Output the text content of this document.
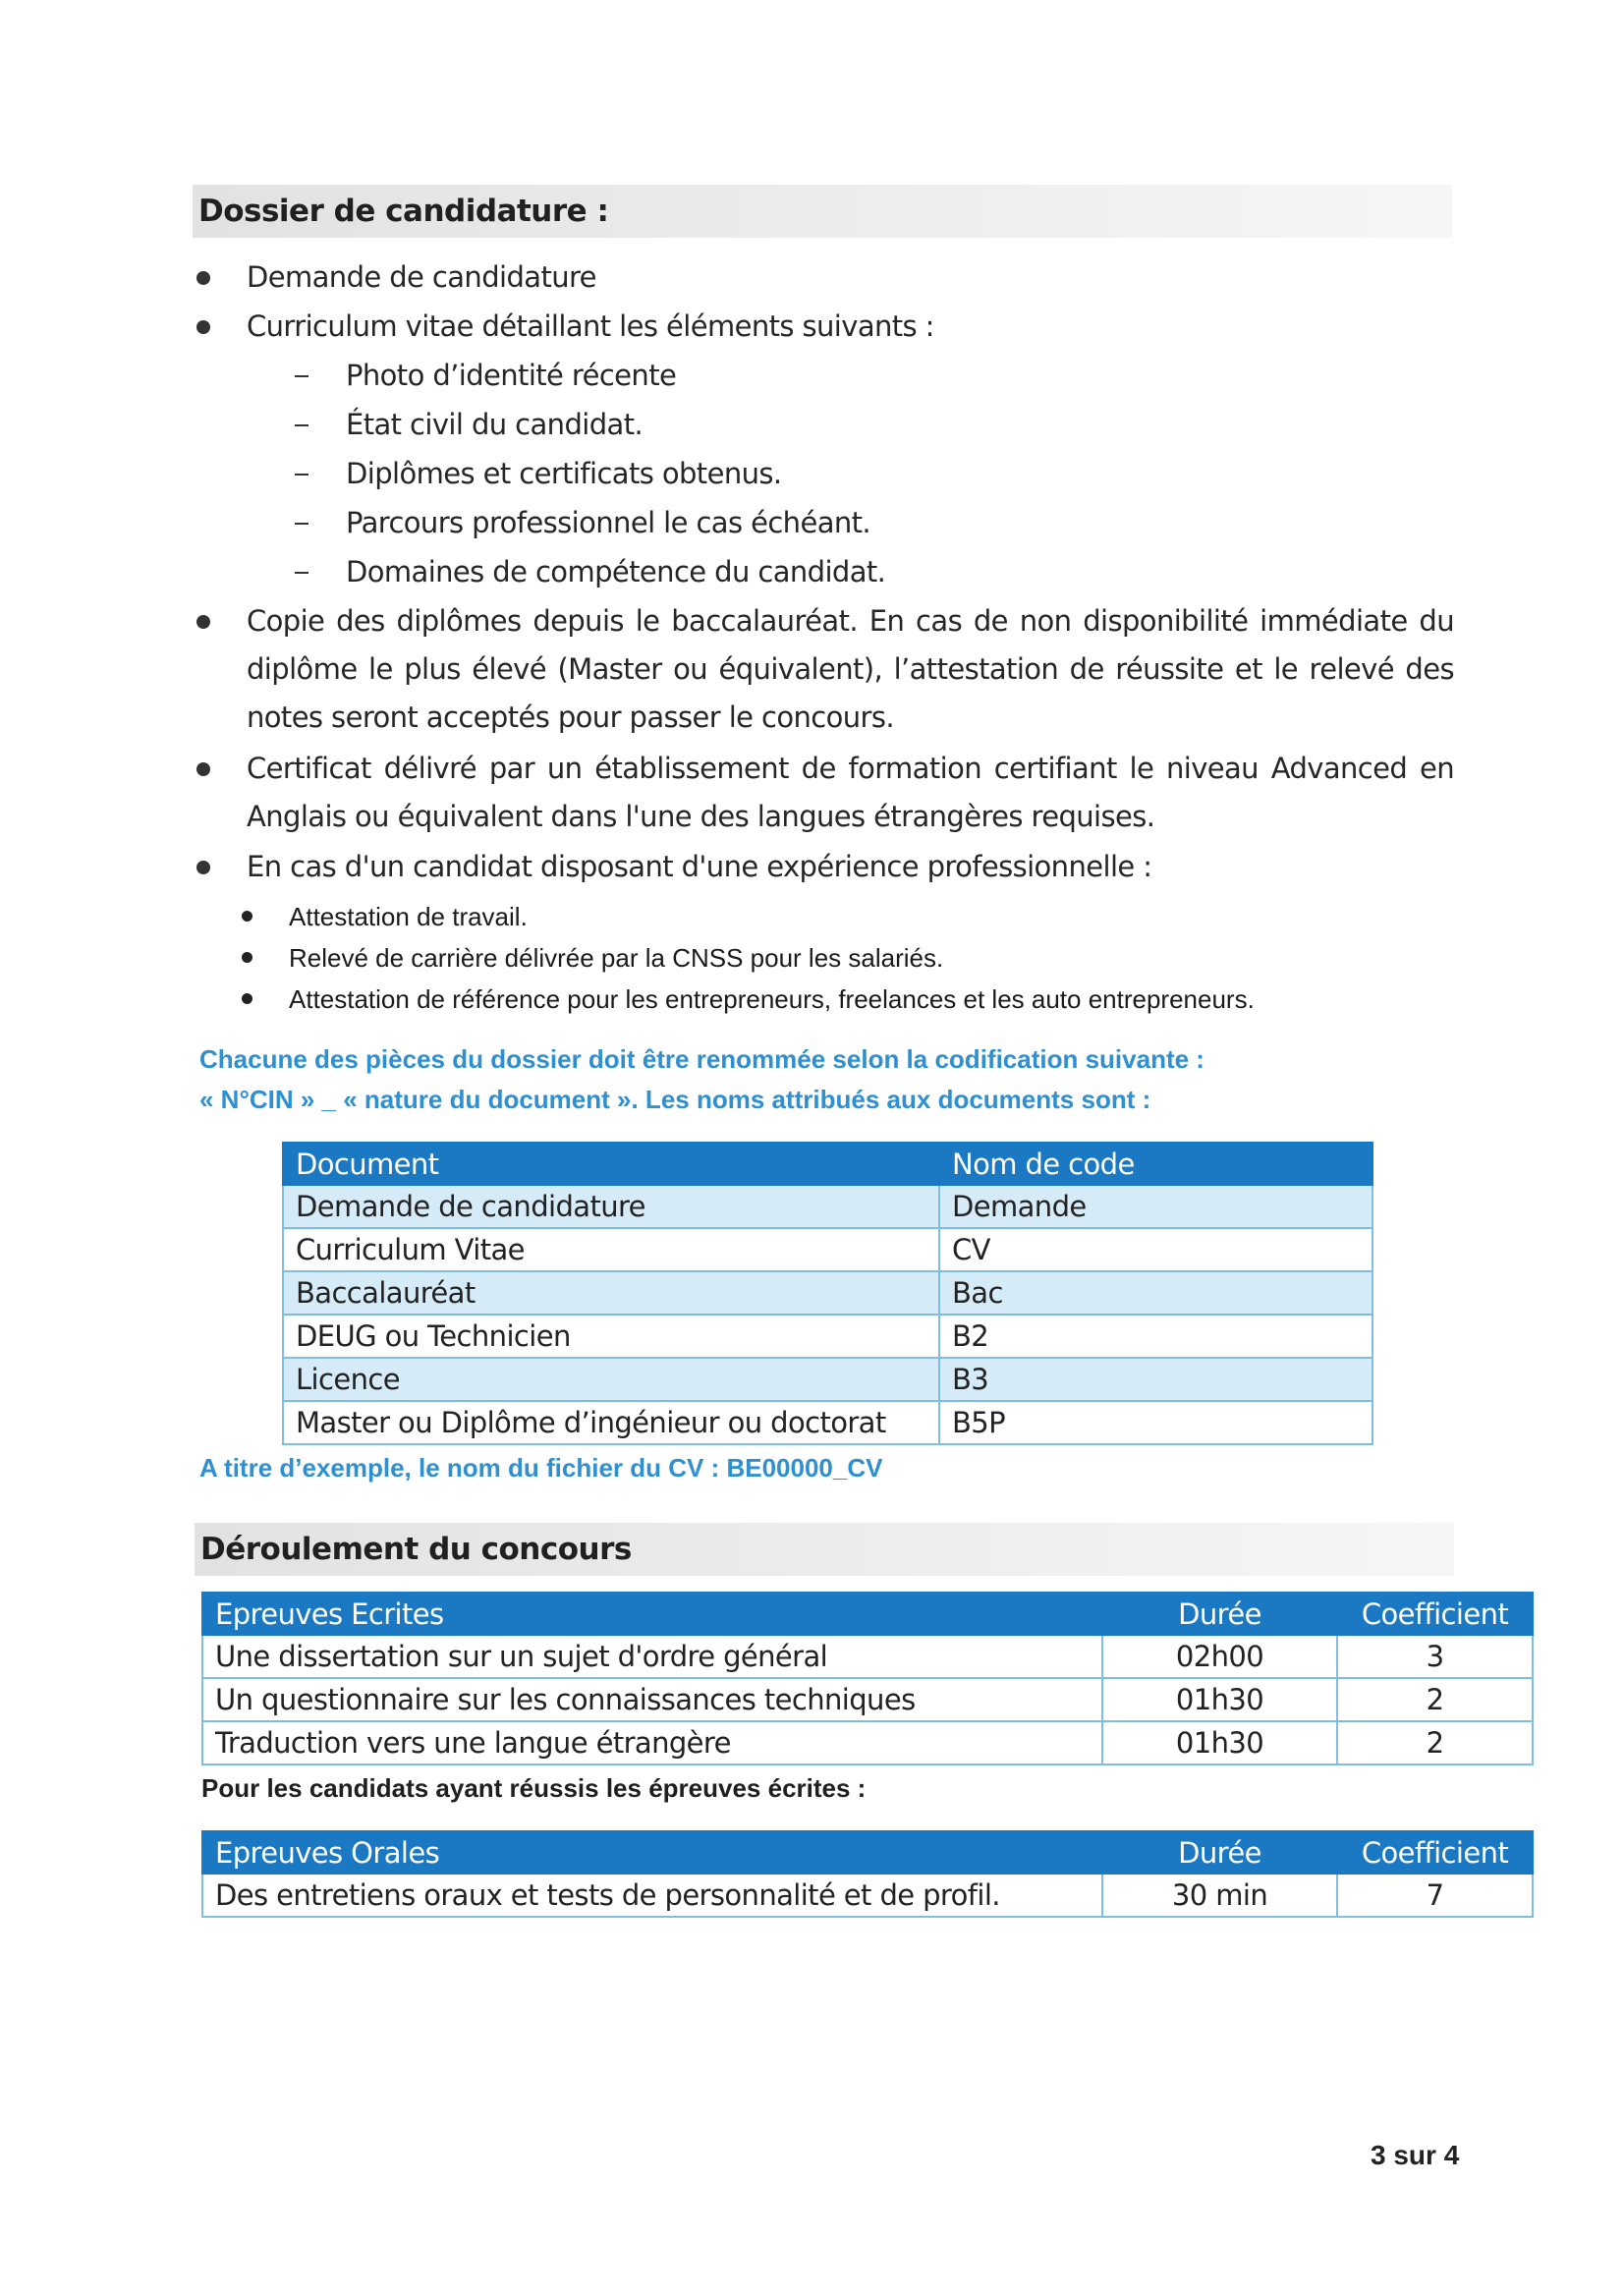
Dossier de candidature :
Demande de candidature
Curriculum vitae détaillant les éléments suivants :
Photo d’identité récente
État civil du candidat.
Diplômes et certificats obtenus.
Parcours professionnel le cas échéant.
Domaines de compétence du candidat.
Copie des diplômes depuis le baccalauréat. En cas de non disponibilité immédiate du diplôme le plus élevé (Master ou équivalent), l’attestation de réussite et le relevé des notes seront acceptés pour passer le concours.
Certificat délivré par un établissement de formation certifiant le niveau Advanced en Anglais ou équivalent dans l'une des langues étrangères requises.
En cas d'un candidat disposant d'une expérience professionnelle :
Attestation de travail.
Relevé de carrière délivrée par la CNSS pour les salariés.
Attestation de référence pour les entrepreneurs, freelances et les auto entrepreneurs.
Chacune des pièces du dossier doit être renommée selon la codification suivante :
« N°CIN » _ « nature du document ». Les noms attribués aux documents sont :
Document	Nom de code
Demande de candidature	Demande
Curriculum Vitae	CV
Baccalauréat	Bac
DEUG ou Technicien	B2
Licence	B3
Master ou Diplôme d’ingénieur ou doctorat	B5P
A titre d’exemple, le nom du fichier du CV : BE00000_CV
Déroulement du concours
Epreuves Ecrites	Durée	Coefficient
Une dissertation sur un sujet d'ordre général	02h00	3
Un questionnaire sur les connaissances techniques	01h30	2
Traduction vers une langue étrangère	01h30	2
Pour les candidats ayant réussis les épreuves écrites :
Epreuves Orales	Durée	Coefficient
Des entretiens oraux et tests de personnalité et de profil.	30 min	7
3 sur 4
